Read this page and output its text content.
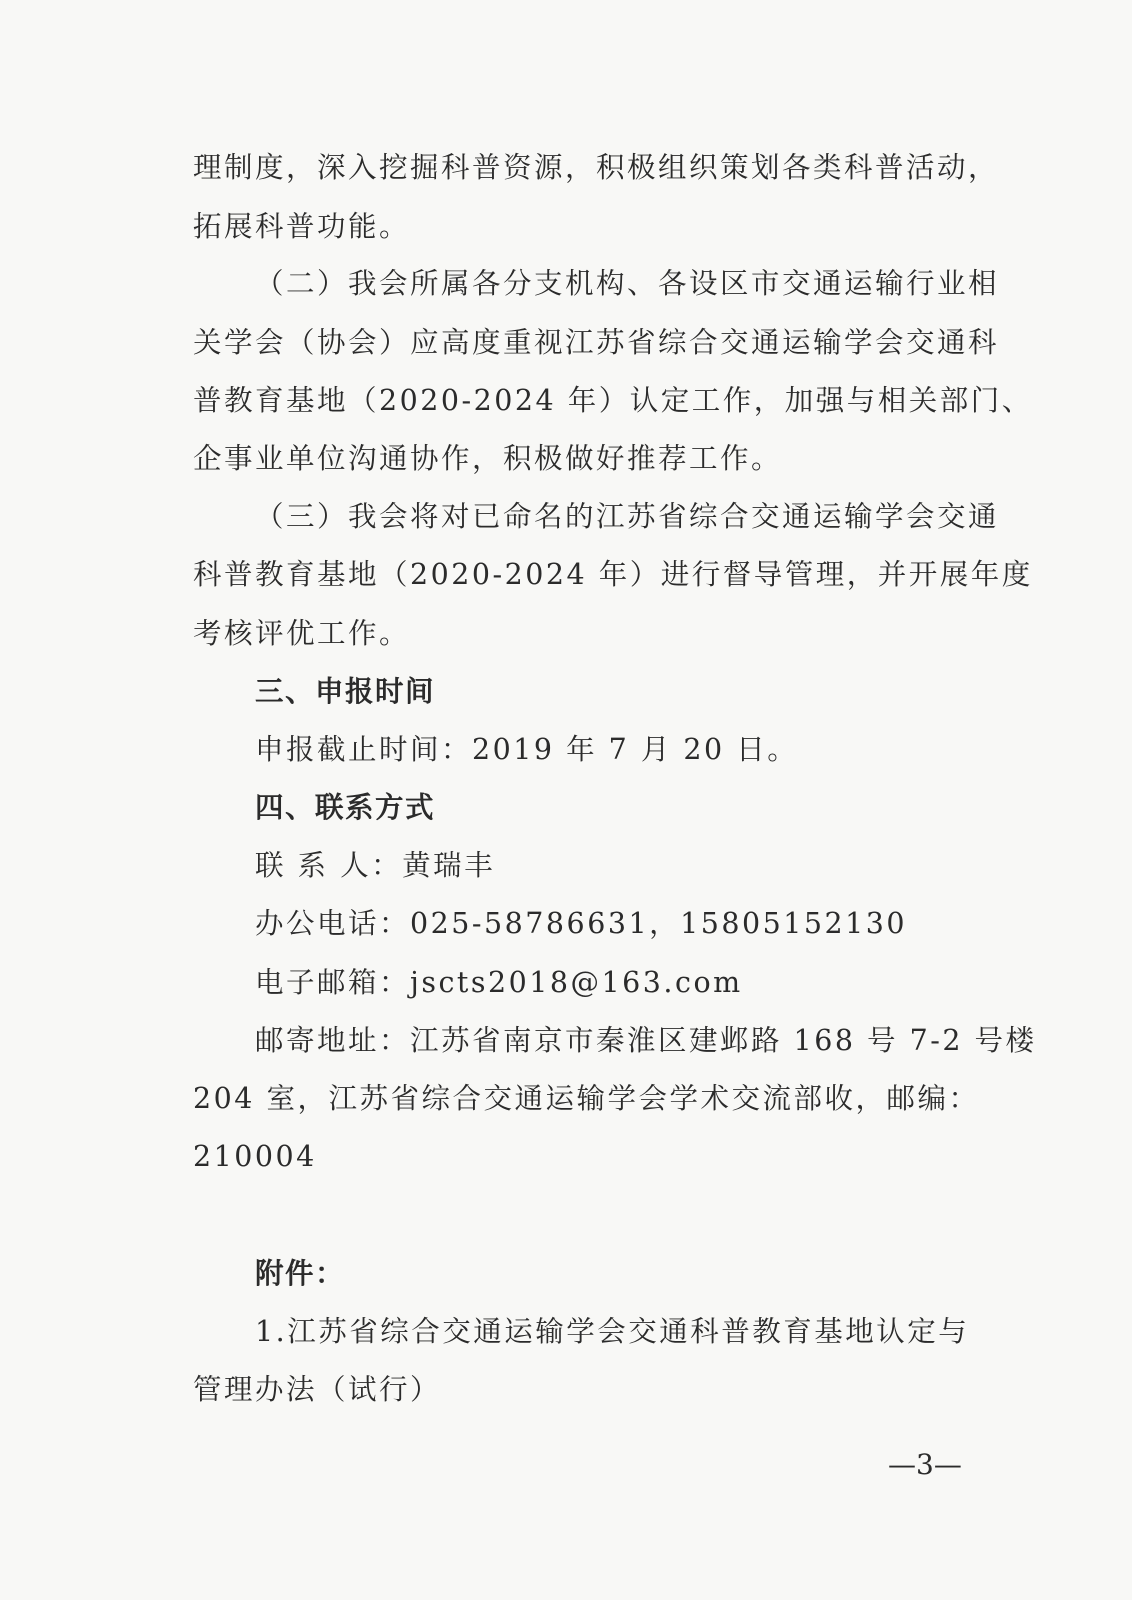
理制度，深入挖掘科普资源，积极组织策划各类科普活动，
拓展科普功能。
（二）我会所属各分支机构、各设区市交通运输行业相
关学会（协会）应高度重视江苏省综合交通运输学会交通科
普教育基地（2020-2024 年）认定工作，加强与相关部门、
企事业单位沟通协作，积极做好推荐工作。
（三）我会将对已命名的江苏省综合交通运输学会交通
科普教育基地（2020-2024 年）进行督导管理，并开展年度
考核评优工作。
三、申报时间
申报截止时间：2019 年 7 月 20 日。
四、联系方式
联 系 人：黄瑞丰
办公电话：025-58786631，15805152130
电子邮箱：jscts2018@163.com
邮寄地址：江苏省南京市秦淮区建邺路 168 号 7-2 号楼
204 室，江苏省综合交通运输学会学术交流部收，邮编：
210004
附件：
1.江苏省综合交通运输学会交通科普教育基地认定与
管理办法（试行）
—3—
